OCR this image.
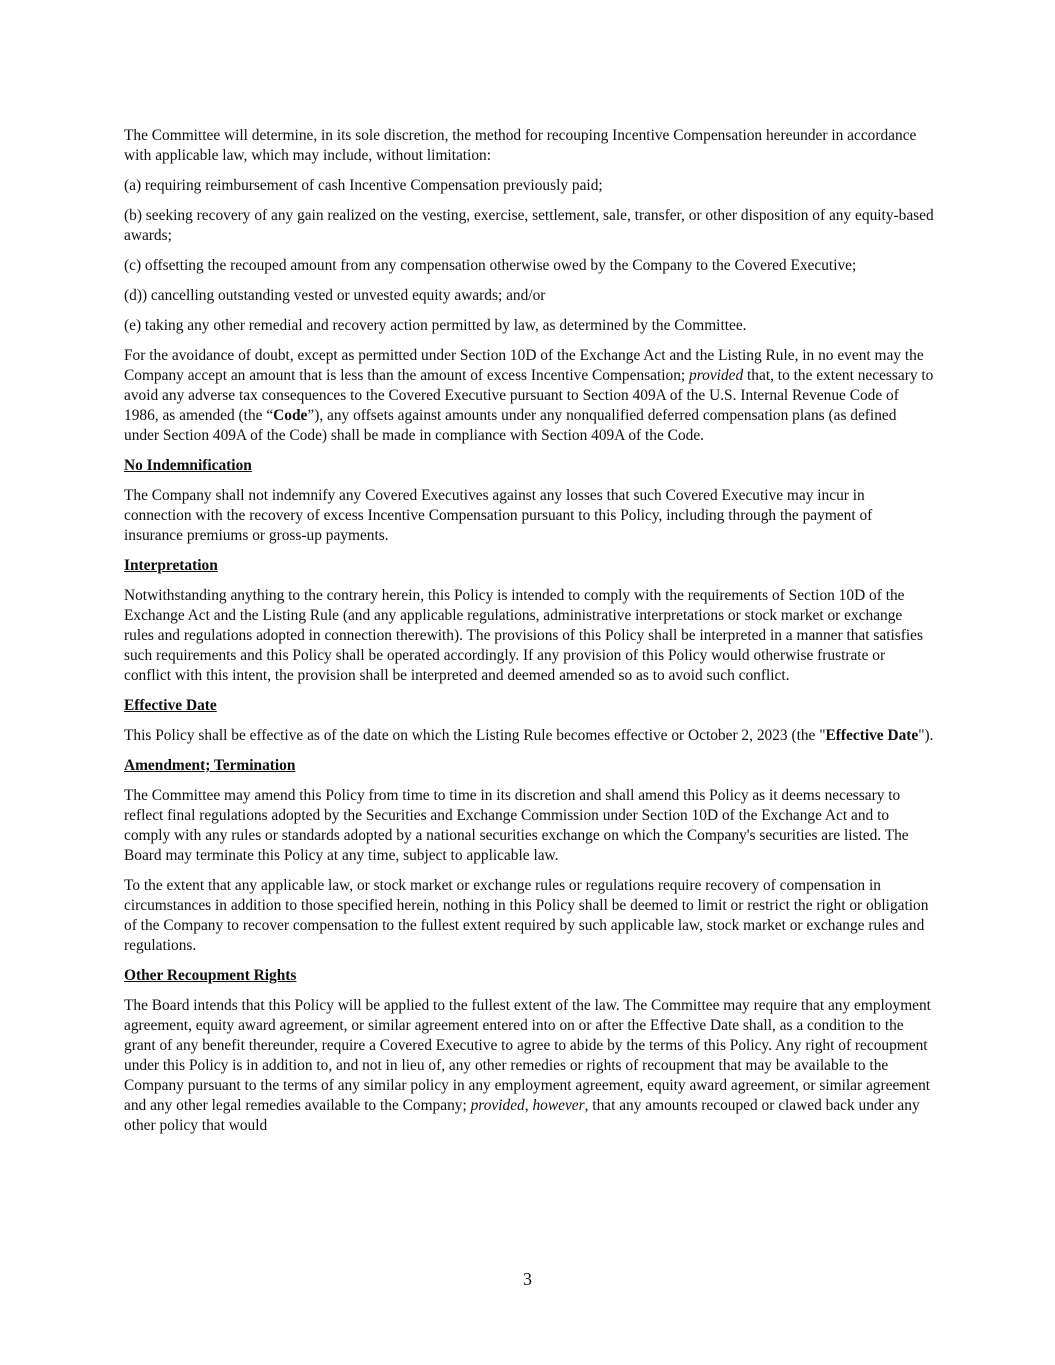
The Committee will determine, in its sole discretion, the method for recouping Incentive Compensation hereunder in accordance with applicable law, which may include, without limitation:

(a) requiring reimbursement of cash Incentive Compensation previously paid;

(b) seeking recovery of any gain realized on the vesting, exercise, settlement, sale, transfer, or other disposition of any equity-based awards;

(c) offsetting the recouped amount from any compensation otherwise owed by the Company to the Covered Executive;

(d)) cancelling outstanding vested or unvested equity awards; and/or

(e) taking any other remedial and recovery action permitted by law, as determined by the Committee.

For the avoidance of doubt, except as permitted under Section 10D of the Exchange Act and the Listing Rule, in no event may the Company accept an amount that is less than the amount of excess Incentive Compensation; provided that, to the extent necessary to avoid any adverse tax consequences to the Covered Executive pursuant to Section 409A of the U.S. Internal Revenue Code of 1986, as amended (the “Code”), any offsets against amounts under any nonqualified deferred compensation plans (as defined under Section 409A of the Code) shall be made in compliance with Section 409A of the Code.

No Indemnification

The Company shall not indemnify any Covered Executives against any losses that such Covered Executive may incur in connection with the recovery of excess Incentive Compensation pursuant to this Policy, including through the payment of insurance premiums or gross-up payments.

Interpretation

Notwithstanding anything to the contrary herein, this Policy is intended to comply with the requirements of Section 10D of the Exchange Act and the Listing Rule (and any applicable regulations, administrative interpretations or stock market or exchange rules and regulations adopted in connection therewith). The provisions of this Policy shall be interpreted in a manner that satisfies such requirements and this Policy shall be operated accordingly. If any provision of this Policy would otherwise frustrate or conflict with this intent, the provision shall be interpreted and deemed amended so as to avoid such conflict.

Effective Date

This Policy shall be effective as of the date on which the Listing Rule becomes effective or October 2, 2023 (the "Effective Date").

Amendment; Termination

The Committee may amend this Policy from time to time in its discretion and shall amend this Policy as it deems necessary to reflect final regulations adopted by the Securities and Exchange Commission under Section 10D of the Exchange Act and to comply with any rules or standards adopted by a national securities exchange on which the Company's securities are listed. The Board may terminate this Policy at any time, subject to applicable law.

To the extent that any applicable law, or stock market or exchange rules or regulations require recovery of compensation in circumstances in addition to those specified herein, nothing in this Policy shall be deemed to limit or restrict the right or obligation of the Company to recover compensation to the fullest extent required by such applicable law, stock market or exchange rules and regulations.

Other Recoupment Rights

The Board intends that this Policy will be applied to the fullest extent of the law. The Committee may require that any employment agreement, equity award agreement, or similar agreement entered into on or after the Effective Date shall, as a condition to the grant of any benefit thereunder, require a Covered Executive to agree to abide by the terms of this Policy. Any right of recoupment under this Policy is in addition to, and not in lieu of, any other remedies or rights of recoupment that may be available to the Company pursuant to the terms of any similar policy in any employment agreement, equity award agreement, or similar agreement and any other legal remedies available to the Company; provided, however, that any amounts recouped or clawed back under any other policy that would

3
